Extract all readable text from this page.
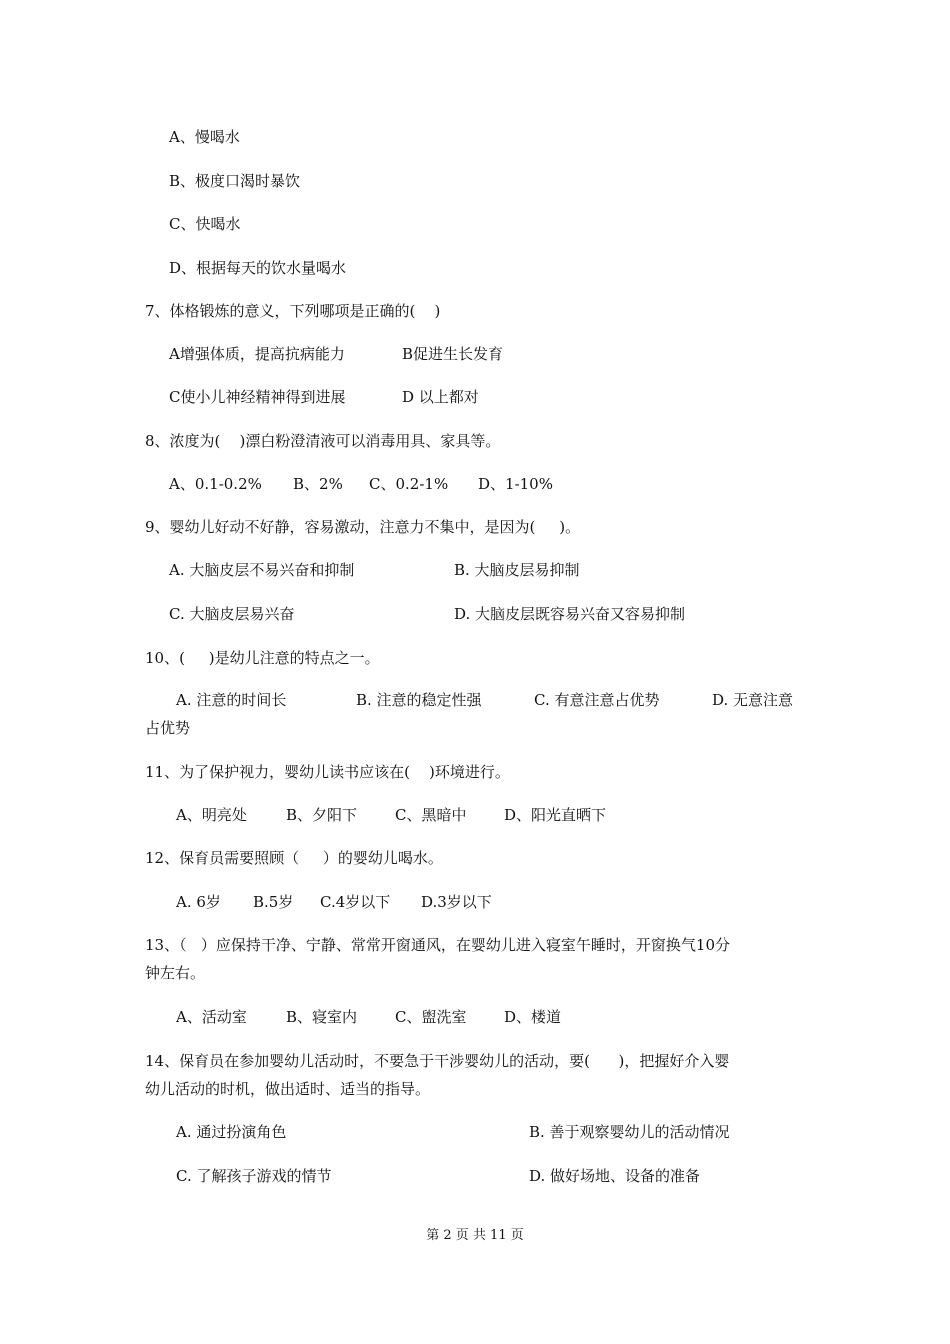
A、慢喝水
B、极度口渴时暴饮
C、快喝水
D、根据每天的饮水量喝水
7、体格锻炼的意义，下列哪项是正确的(    )
A增强体质，提高抗病能力	B促进生长发育
C使小儿神经精神得到进展	D 以上都对
8、浓度为(    )漂白粉澄清液可以消毒用具、家具等。
A、0.1-0.2% B、2% C、0.2-1% D、1-10%
9、婴幼儿好动不好静，容易激动，注意力不集中，是因为(     )。
A. 大脑皮层不易兴奋和抑制	B. 大脑皮层易抑制
C. 大脑皮层易兴奋	D. 大脑皮层既容易兴奋又容易抑制
10、(     )是幼儿注意的特点之一。
A. 注意的时间长	B. 注意的稳定性强	C. 有意注意占优势	D. 无意注意
占优势
11、为了保护视力，婴幼儿读书应该在(    )环境进行。
A、明亮处	B、夕阳下	C、黑暗中	D、阳光直晒下
12、保育员需要照顾（     ）的婴幼儿喝水。
A. 6岁 B.5岁 C.4岁以下 D.3岁以下
13、（   ）应保持干净、宁静、常常开窗通风，在婴幼儿进入寝室午睡时，开窗换气10分
钟左右。
A、活动室	B、寝室内	C、盥洗室	D、楼道
14、保育员在参加婴幼儿活动时，不要急于干涉婴幼儿的活动，要(      )，把握好介入婴
幼儿活动的时机，做出适时、适当的指导。
A. 通过扮演角色	B. 善于观察婴幼儿的活动情况
C. 了解孩子游戏的情节	D. 做好场地、设备的准备
第 2 页 共 11 页
